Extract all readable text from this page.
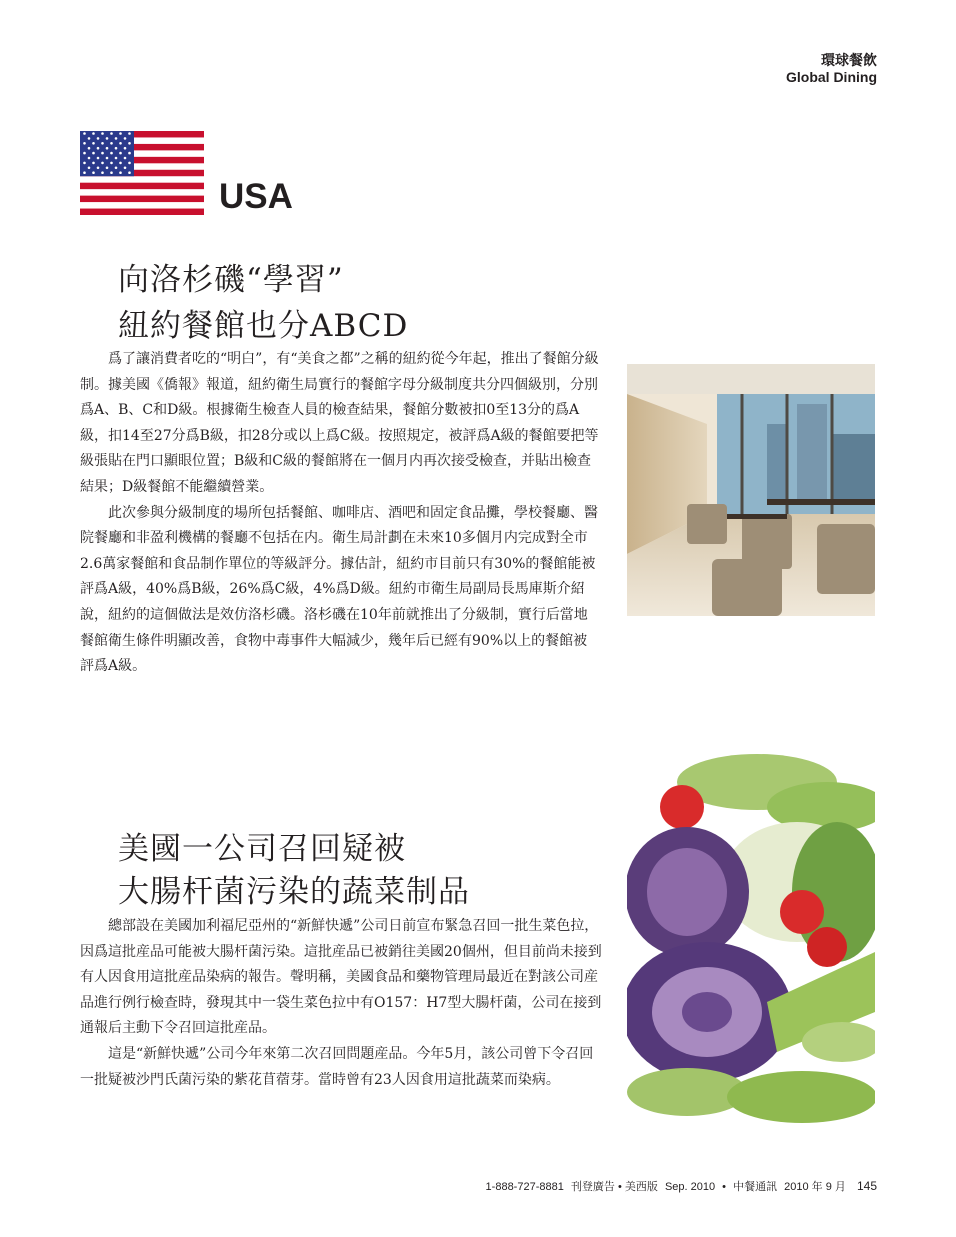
環球餐飲
Global Dining
USA
向洛杉磯“學習”
紐約餐館也分ABCD

爲了讓消費者吃的“明白”，有“美食之都”之稱的紐約從今年起，推出了餐館分級制。據美國《僑報》報道，紐約衛生局實行的餐館字母分級制度共分四個級別，分別爲A、B、C和D級。根據衛生檢查人員的檢查結果，餐館分數被扣0至13分的爲A級，扣14至27分爲B級，扣28分或以上爲C級。按照規定，被評爲A級的餐館要把等級張貼在門口顯眼位置；B級和C級的餐館將在一個月内再次接受檢查，并貼出檢查結果；D級餐館不能繼續營業。

此次參與分級制度的場所包括餐館、咖啡店、酒吧和固定食品攤，學校餐廳、醫院餐廳和非盈利機構的餐廳不包括在内。衛生局計劃在未來10多個月内完成對全市2.6萬家餐館和食品制作單位的等級評分。據估計，紐約市目前只有30%的餐館能被評爲A級，40%爲B級，26%爲C級，4%爲D級。紐約市衛生局副局長馬庫斯介紹說，紐約的這個做法是效仿洛杉磯。洛杉磯在10年前就推出了分級制，實行后當地餐館衛生條件明顯改善，食物中毒事件大幅減少，幾年后已經有90%以上的餐館被評爲A級。

美國一公司召回疑被
大腸杆菌污染的蔬菜制品

總部設在美國加利福尼亞州的“新鮮快遞”公司日前宣布緊急召回一批生菜色拉，因爲這批産品可能被大腸杆菌污染。這批産品已被銷往美國20個州，但目前尚未接到有人因食用這批産品染病的報告。聲明稱，美國食品和藥物管理局最近在對該公司産品進行例行檢查時，發現其中一袋生菜色拉中有O157：H7型大腸杆菌，公司在接到通報后主動下令召回這批産品。

這是“新鮮快遞”公司今年來第二次召回問題産品。今年5月，該公司曾下令召回一批疑被沙門氏菌污染的紫花苜蓿芽。當時曾有23人因食用這批蔬菜而染病。

1-888-727-8881 刊登廣告 • 美西版 Sep. 2010 • 中餐通訊 2010 年 9 月 145
